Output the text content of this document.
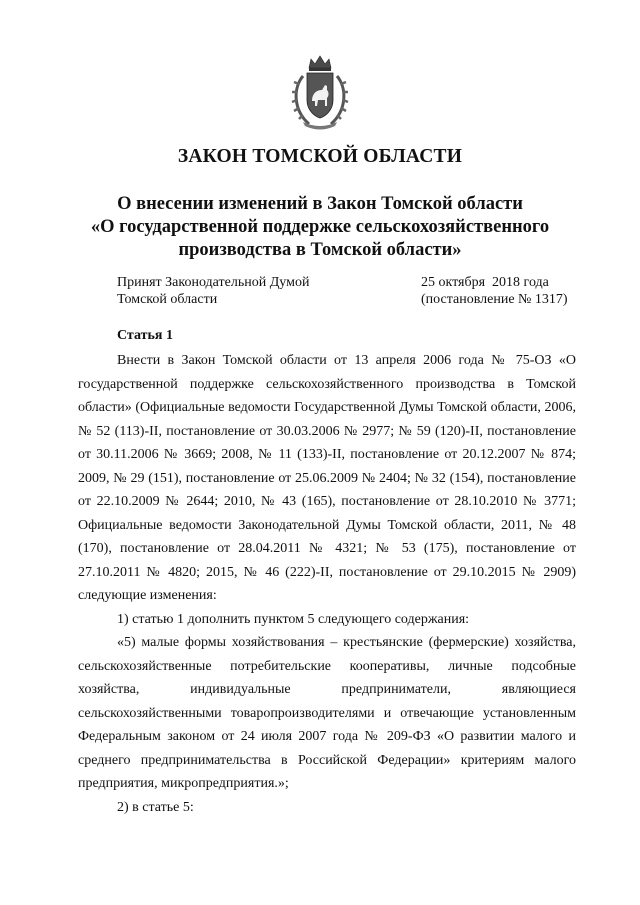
ЗАКОН ТОМСКОЙ ОБЛАСТИ
О внесении изменений в Закон Томской области
«О государственной поддержке сельскохозяйственного
производства в Томской области»
Принят Законодательной Думой
Томской области
25 октября  2018 года
(постановление № 1317)
Статья 1

Внести в Закон Томской области от 13 апреля 2006 года № 75-ОЗ «О государственной поддержке сельскохозяйственного производства в Томской области» (Официальные ведомости Государственной Думы Томской области, 2006, № 52 (113)-II, постановление от 30.03.2006 № 2977; № 59 (120)-II, постановление от 30.11.2006 № 3669; 2008, № 11 (133)-II, постановление от 20.12.2007 № 874; 2009, № 29 (151), постановление от 25.06.2009 № 2404; № 32 (154), постановление от 22.10.2009 № 2644; 2010, № 43 (165), постановление от 28.10.2010 № 3771; Официальные ведомости Законодательной Думы Томской области, 2011, № 48 (170), постановление от 28.04.2011 № 4321; № 53 (175), постановление от 27.10.2011 № 4820; 2015, № 46 (222)-II, постановление от 29.10.2015 № 2909) следующие изменения:

1) статью 1 дополнить пунктом 5 следующего содержания:

«5) малые формы хозяйствования – крестьянские (фермерские) хозяйства, сельскохозяйственные потребительские кооперативы, личные подсобные хозяйства, индивидуальные предприниматели, являющиеся сельскохозяйственными товаропроизводителями и отвечающие установленным Федеральным законом от 24 июля 2007 года № 209-ФЗ «О развитии малого и среднего предпринимательства в Российской Федерации» критериям малого предприятия, микропредприятия.»;

2) в статье 5:
